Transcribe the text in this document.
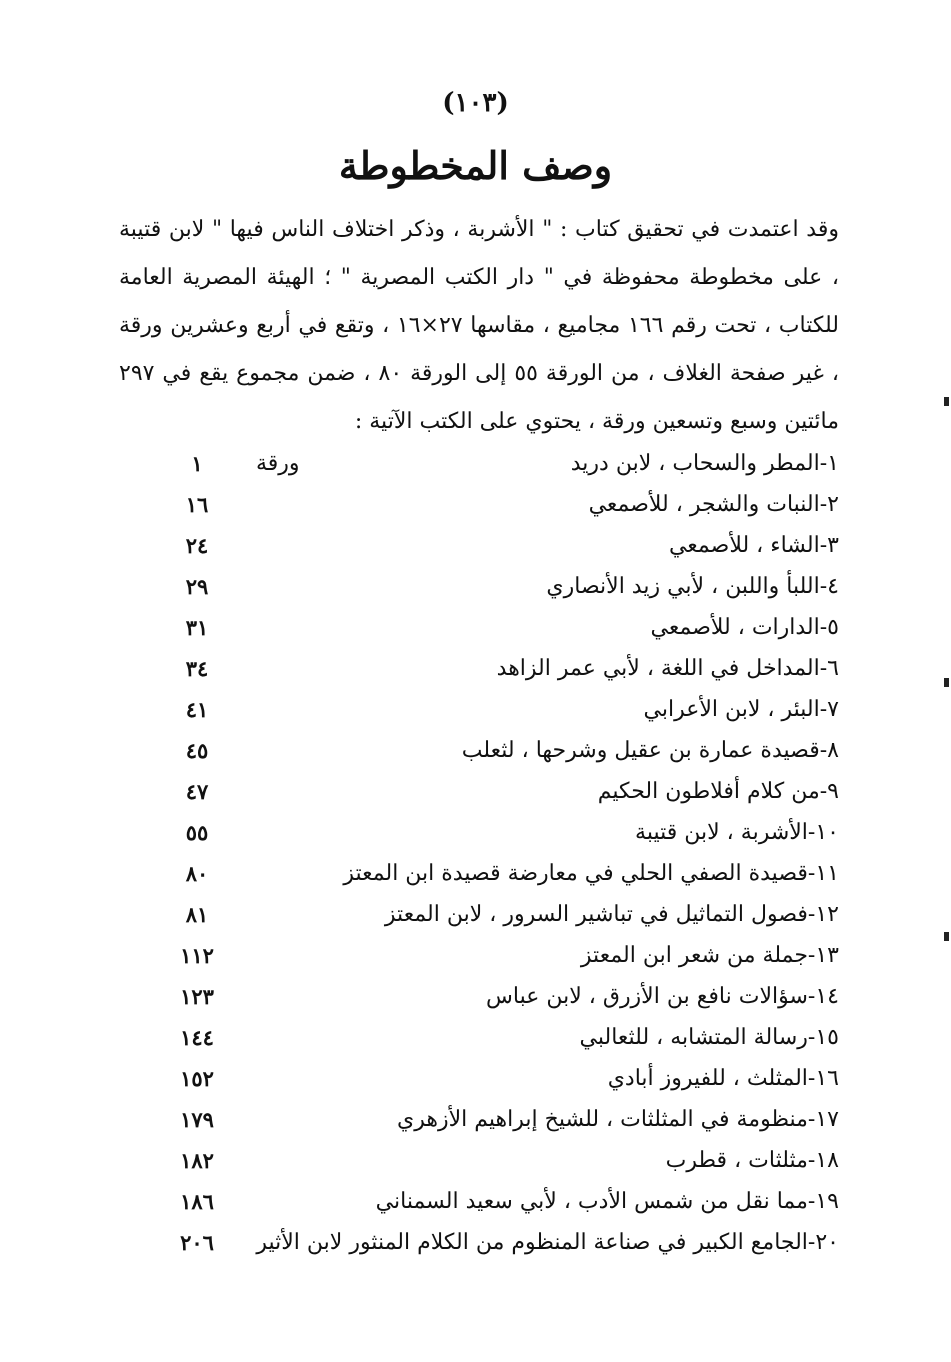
(١٠٣)
وصف المخطوطة

وقد اعتمدت في تحقيق كتاب : " الأشربة ، وذكر اختلاف الناس فيها " لابن قتيبة ، على مخطوطة محفوظة في " دار الكتب المصرية " ؛ الهيئة المصرية العامة للكتاب ، تحت رقم ١٦٦ مجاميع ، مقاسها ٢٧×١٦ ، وتقع في أربع وعشرين ورقة ، غير صفحة الغلاف ، من الورقة ٥٥ إلى الورقة ٨٠ ، ضمن مجموع يقع في ٢٩٧ مائتين وسبع وتسعين ورقة ، يحتوي على الكتب الآتية :

١-المطر والسحاب ، لابن دريد
ورقة
١
٢-النبات والشجر ، للأصمعي
١٦
٣-الشاء ، للأصمعي
٢٤
٤-اللبأ واللبن ، لأبي زيد الأنصاري
٢٩
٥-الدارات ، للأصمعي
٣١
٦-المداخل في اللغة ، لأبي عمر الزاهد
٣٤
٧-البئر ، لابن الأعرابي
٤١
٨-قصيدة عمارة بن عقيل وشرحها ، لثعلب
٤٥
٩-من كلام أفلاطون الحكيم
٤٧
١٠-الأشربة ، لابن قتيبة
٥٥
١١-قصيدة الصفي الحلي في معارضة قصيدة ابن المعتز
٨٠
١٢-فصول التماثيل في تباشير السرور ، لابن المعتز
٨١
١٣-جملة من شعر ابن المعتز
١١٢
١٤-سؤالات نافع بن الأزرق ، لابن عباس
١٢٣
١٥-رسالة المتشابه ، للثعالبي
١٤٤
١٦-المثلث ، للفيروز أبادي
١٥٢
١٧-منظومة في المثلثات ، للشيخ إبراهيم الأزهري
١٧٩
١٨-مثلثات ، قطرب
١٨٢
١٩-مما نقل من شمس الأدب ، لأبي سعيد السمناني
١٨٦
٢٠-الجامع الكبير في صناعة المنظوم من الكلام المنثور لابن الأثير
٢٠٦
